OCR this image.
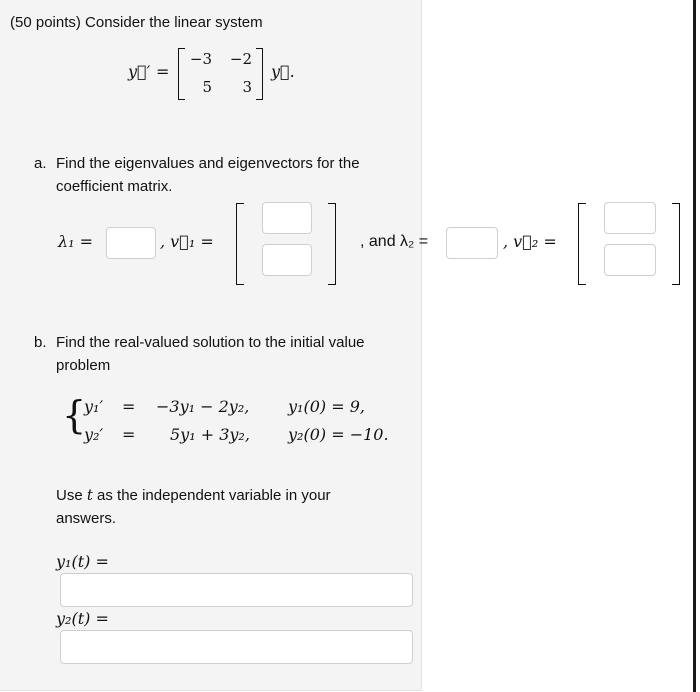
(50 points) Consider the linear system
y⃗′ =
−3	−2
5	3
y⃗.
a. Find the eigenvalues and eigenvectors for the
coefficient matrix.
λ₁ =	, v⃗₁ =	, and λ₂ =	, v⃗₂ =
b. Find the real-valued solution to the initial value
problem
{
y₁′ = −3y₁ − 2y₂, y₁(0) = 9,
y₂′ = 5y₁ + 3y₂, y₂(0) = −10.
Use t as the independent variable in your
answers.
y₁(t) =
y₂(t) =
